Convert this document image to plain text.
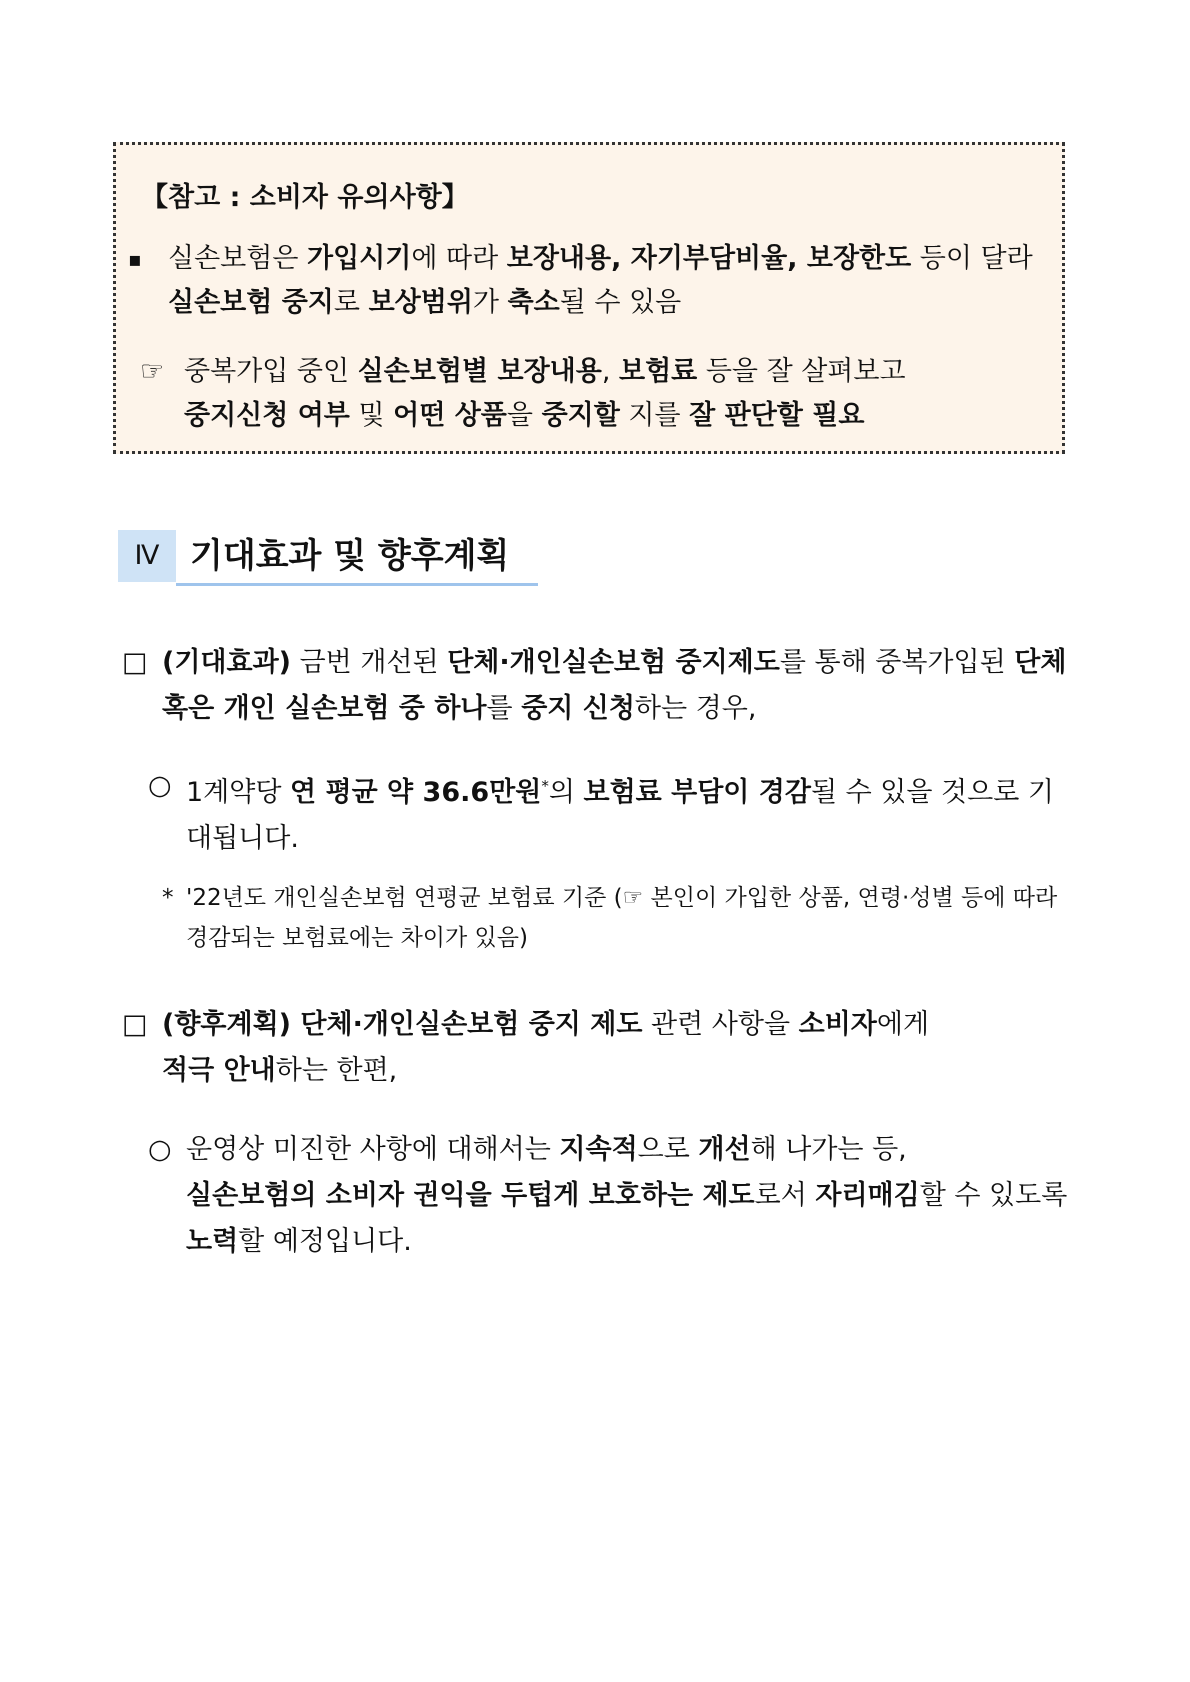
【참고 : 소비자 유의사항】
▪ 실손보험은 가입시기에 따라 보장내용, 자기부담비율, 보장한도 등이 달라 실손보험 중지로 보상범위가 축소될 수 있음
☞ 중복가입 중인 실손보험별 보장내용, 보험료 등을 잘 살펴보고
중지신청 여부 및 어떤 상품을 중지할 지를 잘 판단할 필요
Ⅳ 기대효과 및 향후계획
□ (기대효과) 금번 개선된 단체·개인실손보험 중지제도를 통해 중복가입된 단체 혹은 개인 실손보험 중 하나를 중지 신청하는 경우,
○ 1계약당 연 평균 약 36.6만원*의 보험료 부담이 경감될 수 있을 것으로 기대됩니다.
* '22년도 개인실손보험 연평균 보험료 기준 (☞ 본인이 가입한 상품, 연령·성별 등에 따라 경감되는 보험료에는 차이가 있음)
□ (향후계획) 단체·개인실손보험 중지 제도 관련 사항을 소비자에게
적극 안내하는 한편,
○ 운영상 미진한 사항에 대해서는 지속적으로 개선해 나가는 등,
실손보험의 소비자 권익을 두텁게 보호하는 제도로서 자리매김할 수 있도록 노력할 예정입니다.
